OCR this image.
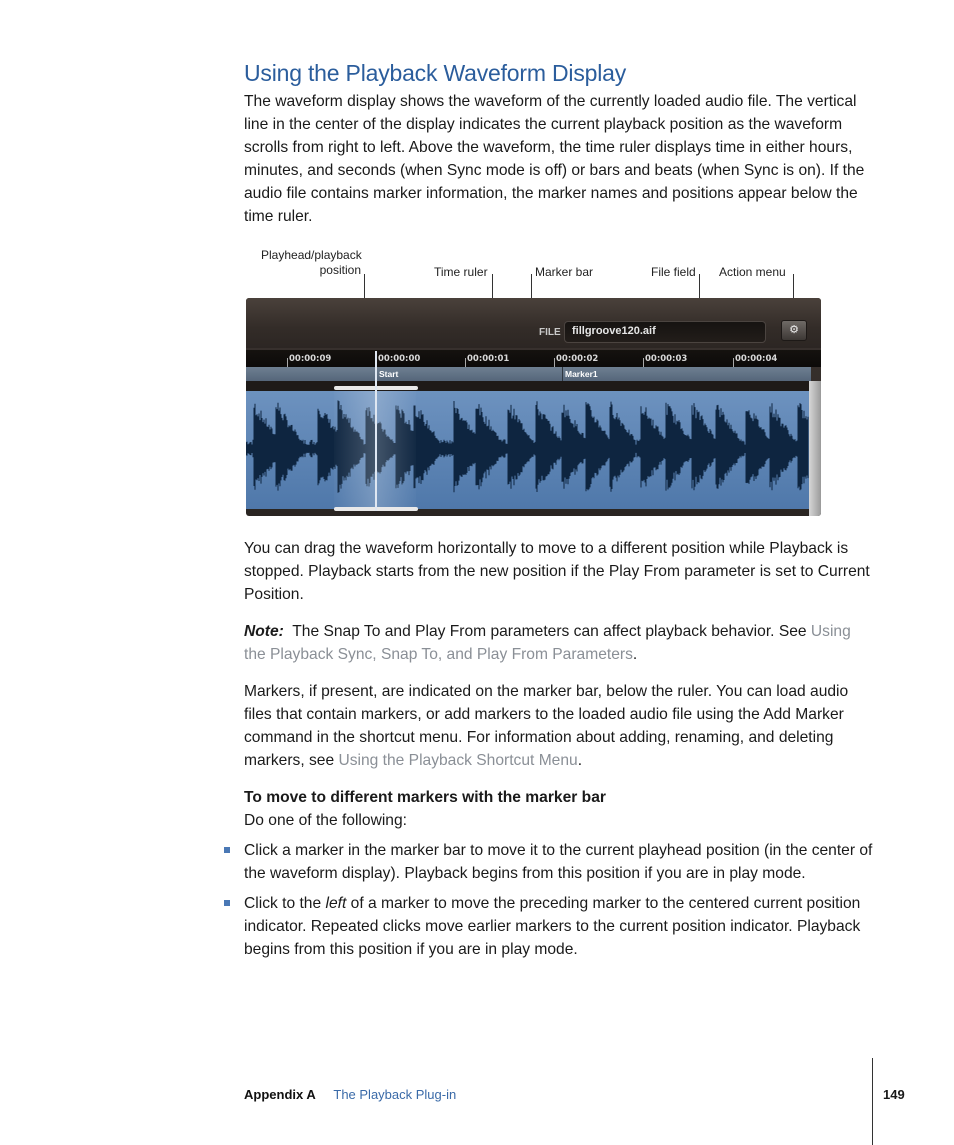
Using the Playback Waveform Display

The waveform display shows the waveform of the currently loaded audio file. The vertical line in the center of the display indicates the current playback position as the waveform scrolls from right to left. Above the waveform, the time ruler displays time in either hours, minutes, and seconds (when Sync mode is off) or bars and beats (when Sync is on). If the audio file contains marker information, the marker names and positions appear below the time ruler.

Playhead/playback
position	Time ruler	Marker bar	File field Action menu
FILE fillgroove120.aif	⚙
00:00:09	00:00:00	00:00:01	00:00:02	00:00:03	00:00:04
Start	Marker1

You can drag the waveform horizontally to move to a different position while Playback is stopped. Playback starts from the new position if the Play From parameter is set to Current Position.

Note: The Snap To and Play From parameters can affect playback behavior. See Using the Playback Sync, Snap To, and Play From Parameters.

Markers, if present, are indicated on the marker bar, below the ruler. You can load audio files that contain markers, or add markers to the loaded audio file using the Add Marker command in the shortcut menu. For information about adding, renaming, and deleting markers, see Using the Playback Shortcut Menu.

To move to different markers with the marker bar
Do one of the following:

Click a marker in the marker bar to move it to the current playhead position (in the center of the waveform display). Playback begins from this position if you are in play mode.
Click to the left of a marker to move the preceding marker to the centered current position indicator. Repeated clicks move earlier markers to the current position indicator. Playback begins from this position if you are in play mode.
Appendix A The Playback Plug-in	149
